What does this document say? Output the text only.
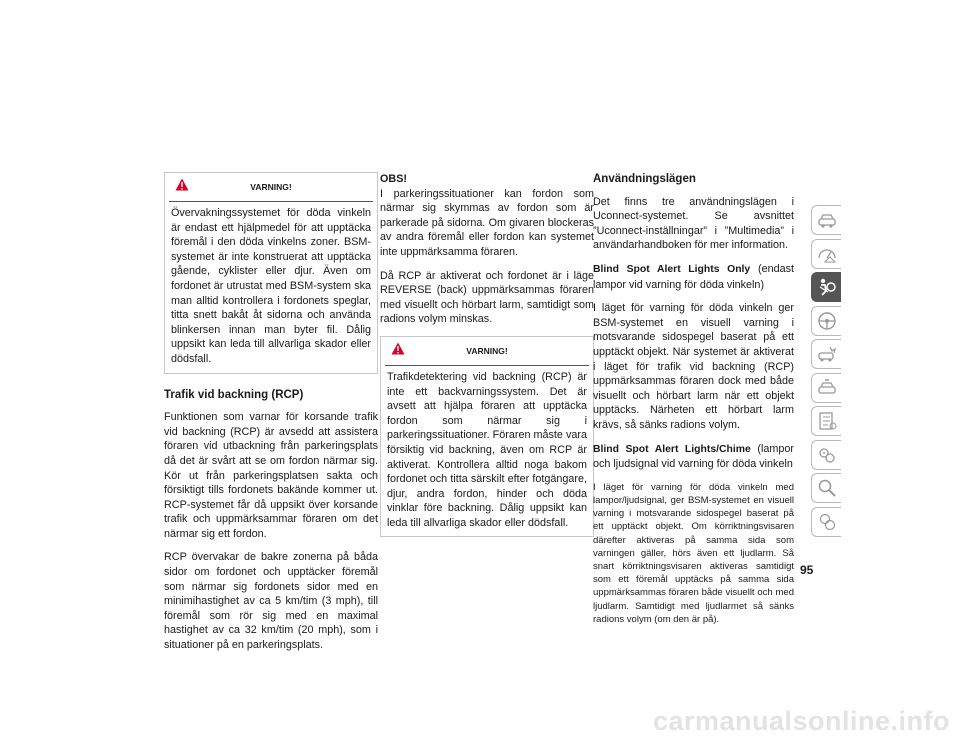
VARNING!

Övervakningssystemet för döda vinkeln är endast ett hjälpmedel för att upptäcka föremål i den döda vinkelns zoner. BSM-systemet är inte konstruerat att upptäcka gående, cyklister eller djur. Även om fordonet är utrustat med BSM-system ska man alltid kontrollera i fordonets speglar, titta snett bakåt åt sidorna och använda blinkersen innan man byter fil. Dålig uppsikt kan leda till allvarliga skador eller dödsfall.

Trafik vid backning (RCP)

Funktionen som varnar för korsande trafik vid backning (RCP) är avsedd att assistera föraren vid utbackning från parkeringsplats då det är svårt att se om fordon närmar sig. Kör ut från parkeringsplatsen sakta och försiktigt tills fordonets bakände kommer ut. RCP-systemet får då uppsikt över korsande trafik och uppmärksammar föraren om det närmar sig ett fordon.

RCP övervakar de bakre zonerna på båda sidor om fordonet och upptäcker föremål som närmar sig fordonets sidor med en minimihastighet av ca 5 km/tim (3 mph), till föremål som rör sig med en maximal hastighet av ca 32 km/tim (20 mph), som i situationer på en parkeringsplats.

OBS!

I parkeringssituationer kan fordon som närmar sig skymmas av fordon som är parkerade på sidorna. Om givaren blockeras av andra föremål eller fordon kan systemet inte uppmärksamma föraren.

Då RCP är aktiverat och fordonet är i läge REVERSE (back) uppmärksammas föraren med visuellt och hörbart larm, samtidigt som radions volym minskas.

VARNING!

Trafikdetektering vid backning (RCP) är inte ett backvarningssystem. Det är avsett att hjälpa föraren att upptäcka fordon som närmar sig i parkeringssituationer. Föraren måste vara försiktig vid backning, även om RCP är aktiverat. Kontrollera alltid noga bakom fordonet och titta särskilt efter fotgängare, djur, andra fordon, hinder och döda vinklar före backning. Dålig uppsikt kan leda till allvarliga skador eller dödsfall.

Användningslägen

Det finns tre användningslägen i Uconnect-systemet. Se avsnittet ”Uconnect-inställningar” i ”Multimedia” i användarhandboken för mer information.

Blind Spot Alert Lights Only (endast lampor vid varning för döda vinkeln)

I läget för varning för döda vinkeln ger BSM-systemet en visuell varning i motsvarande sidospegel baserat på ett upptäckt objekt. När systemet är aktiverat i läget för trafik vid backning (RCP) uppmärksammas föraren dock med både visuellt och hörbart larm när ett objekt upptäcks. Närheten ett hörbart larm krävs, så sänks radions volym.

Blind Spot Alert Lights/Chime (lampor och ljudsignal vid varning för döda vinkeln

I läget för varning för döda vinkeln med lampor/ljudsignal, ger BSM-systemet en visuell varning i motsvarande sidospegel baserat på ett upptäckt objekt. Om körriktningsvisaren därefter aktiveras på samma sida som varningen gäller, hörs även ett ljudlarm. Så snart körriktningsvisaren aktiveras samtidigt som ett föremål upptäcks på samma sida uppmärksammas föraren både visuellt och med ljudlarm. Samtidigt med ljudlarmet så sänks radions volym (om den är på).

95
carmanualsonline.info
